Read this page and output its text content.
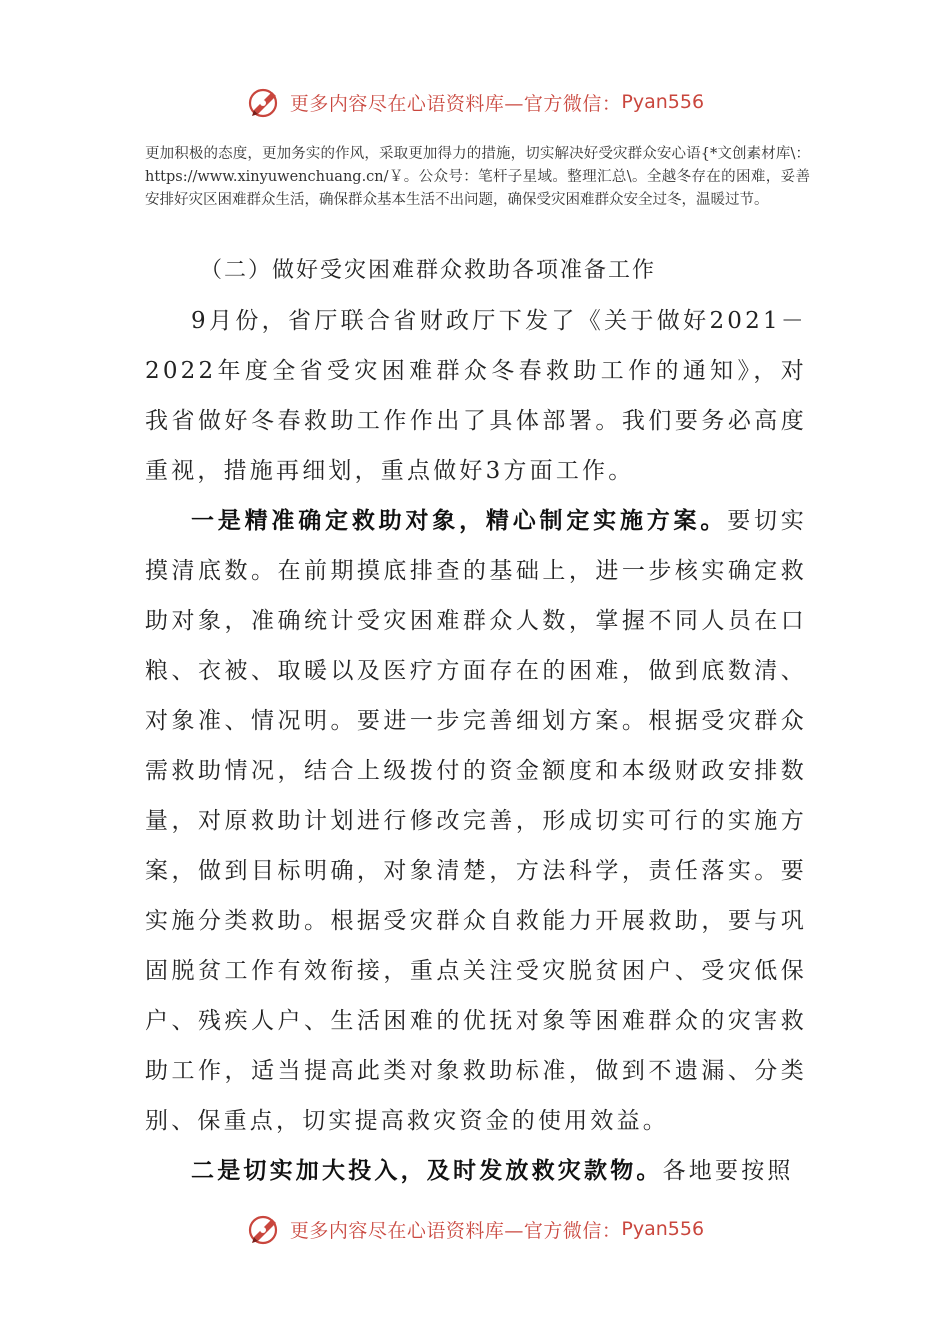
更多内容尽在心语资料库—官方微信： Pyan556
更加积极的态度，更加务实的作风，采取更加得力的措施，切实解决好受灾群众安心语{*文创素材库\：https://www.xinyuwenchuang.cn/￥。公众号：笔杆子星域。整理汇总\。全越冬存在的困难，妥善安排好灾区困难群众生活，确保群众基本生活不出问题，确保受灾困难群众安全过冬，温暖过节。
（二）做好受灾困难群众救助各项准备工作

9月份，省厅联合省财政厅下发了《关于做好2021－2022年度全省受灾困难群众冬春救助工作的通知》，对我省做好冬春救助工作作出了具体部署。我们要务必高度重视，措施再细划，重点做好3方面工作。

一是精准确定救助对象，精心制定实施方案。要切实摸清底数。在前期摸底排查的基础上，进一步核实确定救助对象，准确统计受灾困难群众人数，掌握不同人员在口粮、衣被、取暖以及医疗方面存在的困难，做到底数清、对象准、情况明。要进一步完善细划方案。根据受灾群众需救助情况，结合上级拨付的资金额度和本级财政安排数量，对原救助计划进行修改完善，形成切实可行的实施方案，做到目标明确，对象清楚，方法科学，责任落实。要实施分类救助。根据受灾群众自救能力开展救助，要与巩固脱贫工作有效衔接，重点关注受灾脱贫困户、受灾低保户、残疾人户、生活困难的优抚对象等困难群众的灾害救助工作，适当提高此类对象救助标准，做到不遗漏、分类别、保重点，切实提高救灾资金的使用效益。

二是切实加大投入，及时发放救灾款物。各地要按照

更多内容尽在心语资料库—官方微信： Pyan556
